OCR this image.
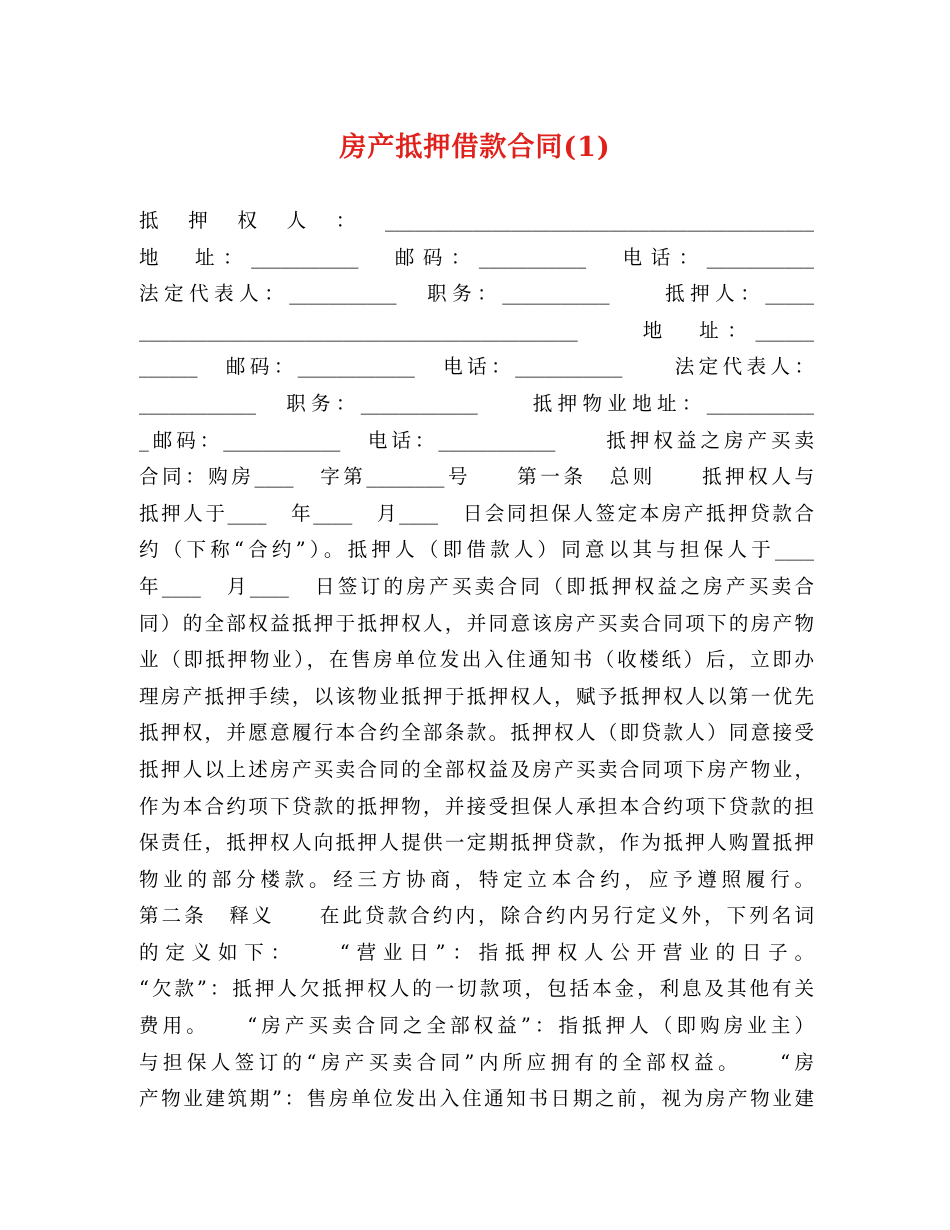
房产抵押借款合同(1)
抵 押 权 人 ： ____________________________________________
地　址：___________　邮码：___________　电话：___________
法定代表人：___________　职务：___________　　抵押人：_____
_____________________________________________　　地　址：______
______　邮码：____________　电话：___________　　法定代表人：
____________　职务：____________　　抵押物业地址：___________
_邮码：____________　电话：____________　　抵押权益之房产买卖
合同：购房____　字第________号　　第一条　总则　　抵押权人与
抵押人于____　年____　月____　日会同担保人签定本房产抵押贷款合
约（下称“合约”）。抵押人（即借款人）同意以其与担保人于____
年____　月____　日签订的房产买卖合同（即抵押权益之房产买卖合
同）的全部权益抵押于抵押权人，并同意该房产买卖合同项下的房产物
业（即抵押物业），在售房单位发出入住通知书（收楼纸）后，立即办
理房产抵押手续，以该物业抵押于抵押权人，赋予抵押权人以第一优先
抵押权，并愿意履行本合约全部条款。抵押权人（即贷款人）同意接受
抵押人以上述房产买卖合同的全部权益及房产买卖合同项下房产物业，
作为本合约项下贷款的抵押物，并接受担保人承担本合约项下贷款的担
保责任，抵押权人向抵押人提供一定期抵押贷款，作为抵押人购置抵押
物业的部分楼款。经三方协商，特定立本合约，应予遵照履行。
第二条　释义　　在此贷款合约内，除合约内另行定义外，下列名词
的定义如下：　　“营业日”：指抵押权人公开营业的日子。
“欠款”：抵押人欠抵押权人的一切款项，包括本金，利息及其他有关
费用。　　“房产买卖合同之全部权益”：指抵押人（即购房业主）
与担保人签订的“房产买卖合同”内所应拥有的全部权益。　　“房
产物业建筑期”：售房单位发出入住通知书日期之前，视为房产物业建
